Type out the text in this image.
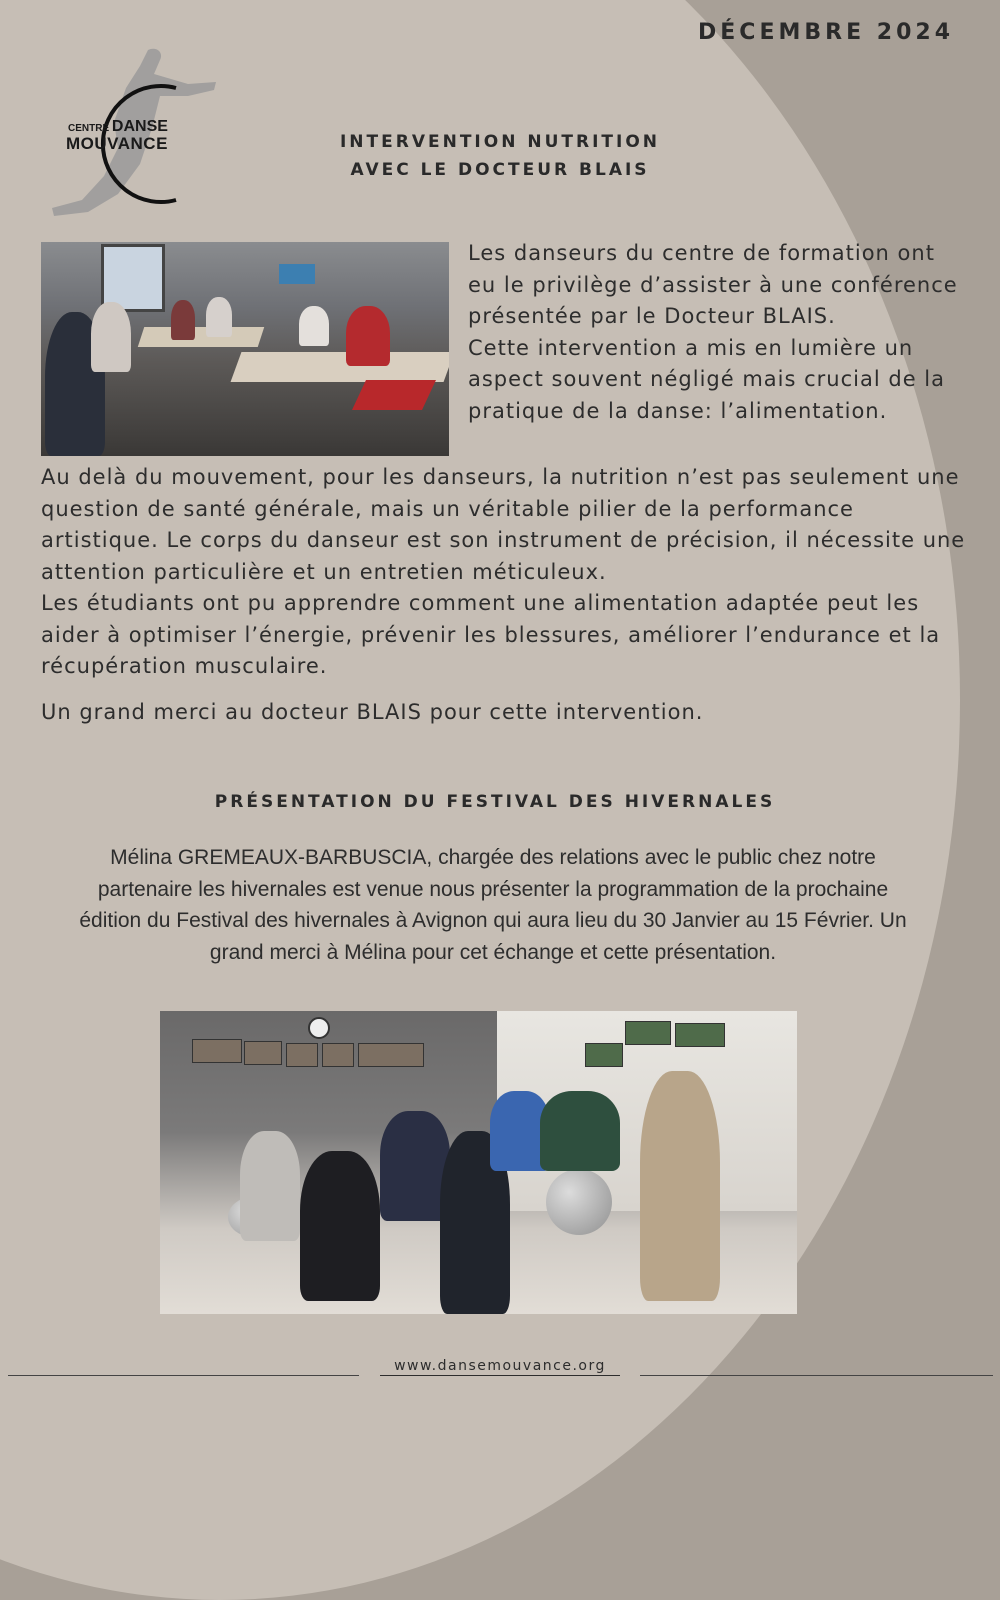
DÉCEMBRE 2024
CENTRE DANSE
MOUVANCE	INTERVENTION NUTRITION
AVEC LE DOCTEUR BLAIS
Les danseurs du centre de formation ont eu le privilège d’assister à une conférence présentée par le Docteur BLAIS.
Cette intervention a mis en lumière un aspect souvent négligé mais crucial de la pratique de la danse: l’alimentation.
Au delà du mouvement, pour les danseurs, la nutrition n’est pas seulement une question de santé générale, mais un véritable pilier de la performance artistique. Le corps du danseur est son instrument de précision, il nécessite une attention particulière et un entretien méticuleux.
Les étudiants ont pu apprendre comment une alimentation adaptée peut les aider à optimiser l’énergie, prévenir les blessures, améliorer l’endurance et la récupération musculaire.
Un grand merci au docteur BLAIS pour cette intervention.
PRÉSENTATION DU FESTIVAL DES HIVERNALES
Mélina GREMEAUX-BARBUSCIA, chargée des relations avec le public chez notre partenaire les hivernales est venue nous présenter la programmation de la prochaine édition du Festival des hivernales à Avignon qui aura lieu du 30 Janvier au 15 Février. Un grand merci à Mélina pour cet échange et cette présentation.
www.dansemouvance.org
